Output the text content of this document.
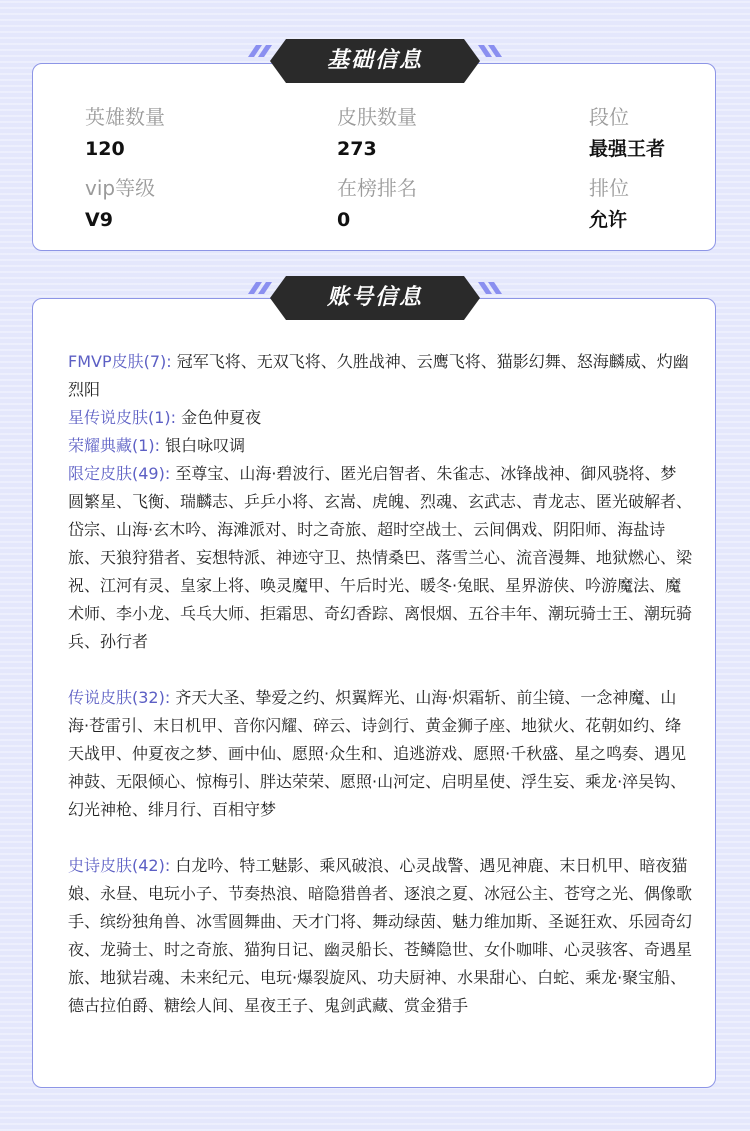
英雄数量
120
皮肤数量
273
段位
最强王者
vip等级
V9
在榜排名
0
排位
允许
基础信息

FMVP皮肤(7): 冠军飞将、无双飞将、久胜战神、云鹰飞将、猫影幻舞、怒海麟威、灼幽烈阳

星传说皮肤(1): 金色仲夏夜

荣耀典藏(1): 银白咏叹调

限定皮肤(49): 至尊宝、山海·碧波行、匿光启智者、朱雀志、冰锋战神、御风骁将、梦圆繁星、飞衡、瑞麟志、乒乒小将、玄嵩、虎魄、烈魂、玄武志、青龙志、匿光破解者、岱宗、山海·玄木吟、海滩派对、时之奇旅、超时空战士、云间偶戏、阴阳师、海盐诗旅、天狼狩猎者、妄想特派、神迹守卫、热情桑巴、落雪兰心、流音漫舞、地狱燃心、梁祝、江河有灵、皇家上将、唤灵魔甲、午后时光、暖冬·兔眠、星界游侠、吟游魔法、魔术师、李小龙、乓乓大师、拒霜思、奇幻香踪、离恨烟、五谷丰年、潮玩骑士王、潮玩骑兵、孙行者

传说皮肤(32): 齐天大圣、挚爱之约、炽翼辉光、山海·炽霜斩、前尘镜、一念神魔、山海·苍雷引、末日机甲、音你闪耀、碎云、诗剑行、黄金狮子座、地狱火、花朝如约、绛天战甲、仲夏夜之梦、画中仙、愿照·众生和、追逃游戏、愿照·千秋盛、星之鸣奏、遇见神鼓、无限倾心、惊梅引、胖达荣荣、愿照·山河定、启明星使、浮生妄、乘龙·淬吴钩、幻光神枪、绯月行、百相守梦

史诗皮肤(42): 白龙吟、特工魅影、乘风破浪、心灵战警、遇见神鹿、末日机甲、暗夜猫娘、永昼、电玩小子、节奏热浪、暗隐猎兽者、逐浪之夏、冰冠公主、苍穹之光、偶像歌手、缤纷独角兽、冰雪圆舞曲、天才门将、舞动绿茵、魅力维加斯、圣诞狂欢、乐园奇幻夜、龙骑士、时之奇旅、猫狗日记、幽灵船长、苍鳞隐世、女仆咖啡、心灵骇客、奇遇星旅、地狱岩魂、未来纪元、电玩·爆裂旋风、功夫厨神、水果甜心、白蛇、乘龙·聚宝船、德古拉伯爵、糖绘人间、星夜王子、鬼剑武藏、赏金猎手

账号信息
